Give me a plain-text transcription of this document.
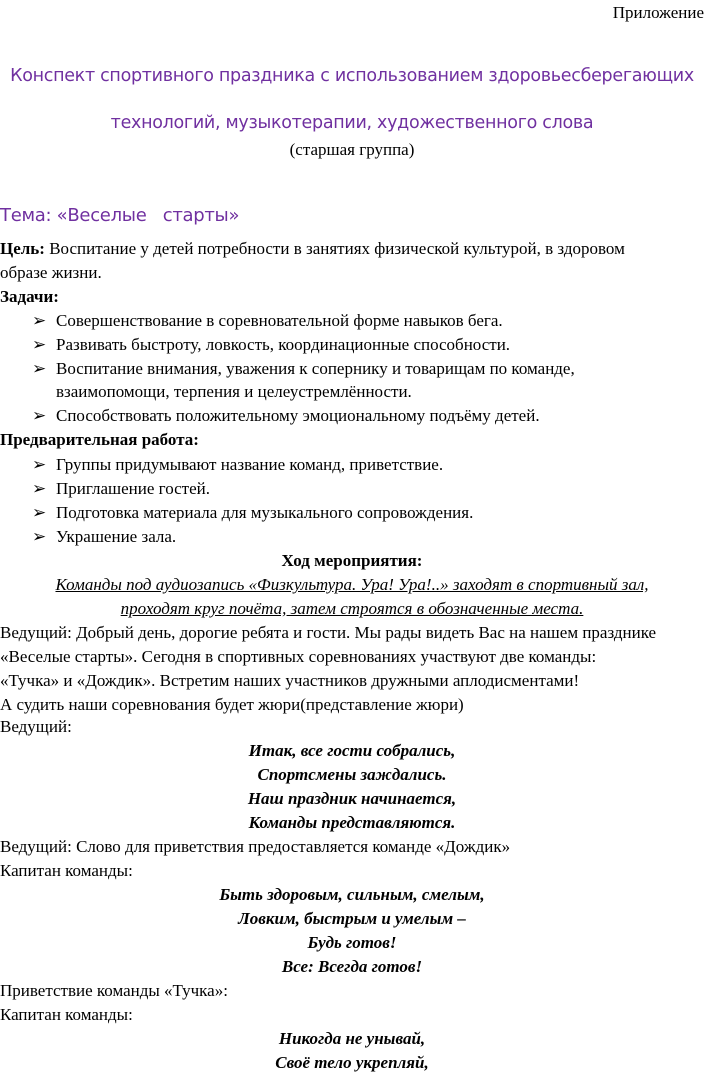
Приложение
Конспект спортивного праздника с использованием здоровьесберегающих
технологий, музыкотерапии, художественного слова
(старшая группа)
Тема: «Веселые   старты»
Цель: Воспитание у детей потребности в занятиях физической культурой, в здоровом
образе жизни.
Задачи:
➢ Совершенствование в соревновательной форме навыков бега.
➢ Развивать быстроту, ловкость, координационные способности.
➢ Воспитание внимания, уважения к сопернику и товарищам по команде,
взаимопомощи, терпения и целеустремлённости.
➢ Способствовать положительному эмоциональному подъёму детей.
Предварительная работа:
➢ Группы придумывают название команд, приветствие.
➢ Приглашение гостей.
➢ Подготовка материала для музыкального сопровождения.
➢ Украшение зала.
Ход мероприятия:
Команды под аудиозапись «Физкультура. Ура! Ура!..» заходят в спортивный зал,
проходят круг почёта, затем строятся в обозначенные места.
Ведущий: Добрый день, дорогие ребята и гости. Мы рады видеть Вас на нашем празднике
«Веселые старты». Сегодня в спортивных соревнованиях участвуют две команды:
«Тучка» и «Дождик». Встретим наших участников дружными аплодисментами!
А судить наши соревнования будет жюри(представление жюри)
Ведущий:
Итак, все гости собрались,
Спортсмены заждались.
Наш праздник начинается,
Команды представляются.
Ведущий: Слово для приветствия предоставляется команде «Дождик»
Капитан команды:
Быть здоровым, сильным, смелым,
Ловким, быстрым и умелым –
Будь готов!
Все: Всегда готов!
Приветствие команды «Тучка»:
Капитан команды:
Никогда не унывай,
Своё тело укрепляй,
